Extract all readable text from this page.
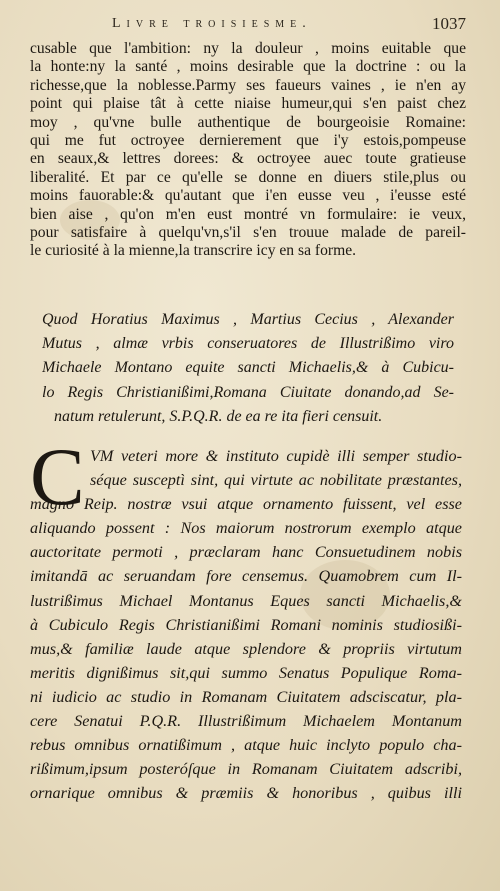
Livre troisiesme.	1037
cusable que l'ambition: ny la douleur , moins euitable que
la honte:ny la santé , moins desirable que la doctrine : ou la
richesse,que la noblesse.Parmy ses faueurs vaines , ie n'en ay
point qui plaise tât à cette niaise humeur,qui s'en paist chez
moy , qu'vne bulle authentique de bourgeoisie Romaine:
qui me fut octroyee dernierement que i'y estois,pompeuse
en seaux,& lettres dorees: & octroyee auec toute gratieuse
liberalité. Et par ce qu'elle se donne en diuers stile,plus ou
moins fauorable:& qu'autant que i'en eusse veu , i'eusse esté
bien aise , qu'on m'en eust montré vn formulaire: ie veux,
pour satisfaire à quelqu'vn,s'il s'en trouue malade de pareil-
le curiosité à la mienne,la transcrire icy en sa forme.
Quod Horatius Maximus , Martius Cecius , Alexander
Mutus , almæ vrbis conseruatores de Illustrißimo viro
Michaele Montano equite sancti Michaelis,& à Cubicu-
lo Regis Christianißimi,Romana Ciuitate donando,ad Se-
natum retulerunt, S.P.Q.R. de ea re ita fieri censuit.
C VM veteri more & instituto cupidè illi semper studio-
séque susceptì sint, qui virtute ac nobilitate præstantes,
magno Reip. nostræ vsui atque ornamento fuissent, vel esse
aliquando possent : Nos maiorum nostrorum exemplo atque
auctoritate permoti , præclaram hanc Consuetudinem nobis
imitandā ac seruandam fore censemus. Quamobrem cum Il-
lustrißimus Michael Montanus Eques sancti Michaelis,&
à Cubiculo Regis Christianißimi Romani nominis studiosißi-
mus,& familiæ laude atque splendore & propriis virtutum
meritis dignißimus sit,qui summo Senatus Populique Roma-
ni iudicio ac studio in Romanam Ciuitatem adsciscatur, pla-
cere Senatui P.Q.R. Illustrißimum Michaelem Montanum
rebus omnibus ornatißimum , atque huic inclyto populo cha-
rißimum,ipsum posteróſque in Romanam Ciuitatem adscribi,
ornarique omnibus & præmiis & honoribus , quibus illi
